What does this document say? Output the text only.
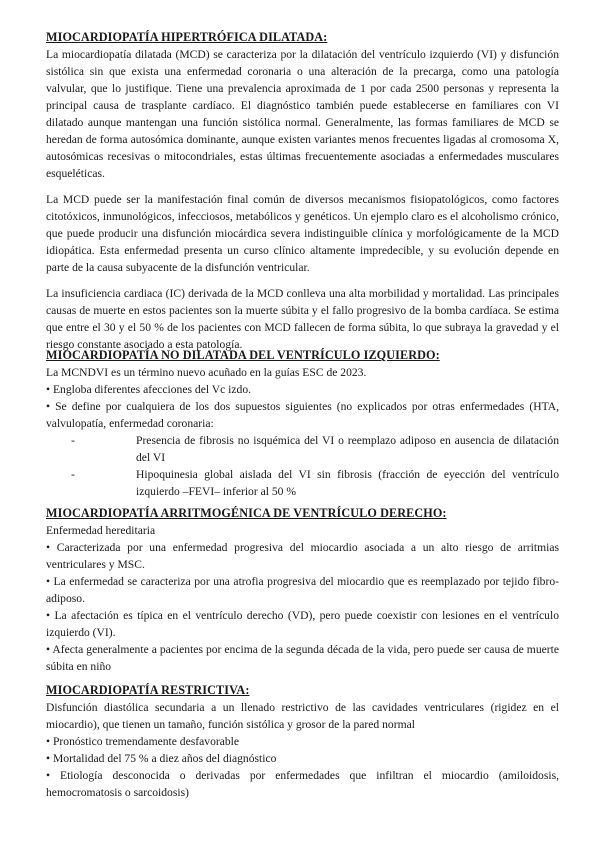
MIOCARDIOPATÍA HIPERTRÓFICA DILATADA:

La miocardiopatía dilatada (MCD) se caracteriza por la dilatación del ventrículo izquierdo (VI) y disfunción sistólica sin que exista una enfermedad coronaria o una alteración de la precarga, como una patología valvular, que lo justifique. Tiene una prevalencia aproximada de 1 por cada 2500 personas y representa la principal causa de trasplante cardíaco. El diagnóstico también puede establecerse en familiares con VI dilatado aunque mantengan una función sistólica normal. Generalmente, las formas familiares de MCD se heredan de forma autosómica dominante, aunque existen variantes menos frecuentes ligadas al cromosoma X, autosómicas recesivas o mitocondriales, estas últimas frecuentemente asociadas a enfermedades musculares esqueléticas.

La MCD puede ser la manifestación final común de diversos mecanismos fisiopatológicos, como factores citotóxicos, inmunológicos, infecciosos, metabólicos y genéticos. Un ejemplo claro es el alcoholismo crónico, que puede producir una disfunción miocárdica severa indistinguible clínica y morfológicamente de la MCD idiopática. Esta enfermedad presenta un curso clínico altamente impredecible, y su evolución depende en parte de la causa subyacente de la disfunción ventricular.

La insuficiencia cardiaca (IC) derivada de la MCD conlleva una alta morbilidad y mortalidad. Las principales causas de muerte en estos pacientes son la muerte súbita y el fallo progresivo de la bomba cardíaca. Se estima que entre el 30 y el 50 % de los pacientes con MCD fallecen de forma súbita, lo que subraya la gravedad y el riesgo constante asociado a esta patología.

MIOCARDIOPATÍA NO DILATADA DEL VENTRÍCULO IZQUIERDO:

La MCNDVI es un término nuevo acuñado en la guías ESC de 2023.

• Engloba diferentes afecciones del Vc izdo.

• Se define por cualquiera de los dos supuestos siguientes (no explicados por otras enfermedades (HTA, valvulopatía, enfermedad coronaria:

-	Presencia de fibrosis no isquémica del VI o reemplazo adiposo en ausencia de dilatación del VI

-	Hipoquinesia global aislada del VI sin fibrosis (fracción de eyección del ventrículo izquierdo –FEVI– inferior al 50 %

MIOCARDIOPATÍA ARRITMOGÉNICA DE VENTRÍCULO DERECHO:

Enfermedad hereditaria

• Caracterizada por una enfermedad progresiva del miocardio asociada a un alto riesgo de arritmias ventriculares y MSC.

• La enfermedad se caracteriza por una atrofia progresiva del miocardio que es reemplazado por tejido fibro-adiposo.

• La afectación es típica en el ventrículo derecho (VD), pero puede coexistir con lesiones en el ventrículo izquierdo (VI).

• Afecta generalmente a pacientes por encima de la segunda década de la vida, pero puede ser causa de muerte súbita en niño

MIOCARDIOPATÍA RESTRICTIVA:

Disfunción diastólica secundaria a un llenado restrictivo de las cavidades ventriculares (rigidez en el miocardio), que tienen un tamaño, función sistólica y grosor de la pared normal

• Pronóstico tremendamente desfavorable

• Mortalidad del 75 % a diez años del diagnóstico

• Etiología desconocida o derivadas por enfermedades que infiltran el miocardio (amiloidosis, hemocromatosis o sarcoidosis)
